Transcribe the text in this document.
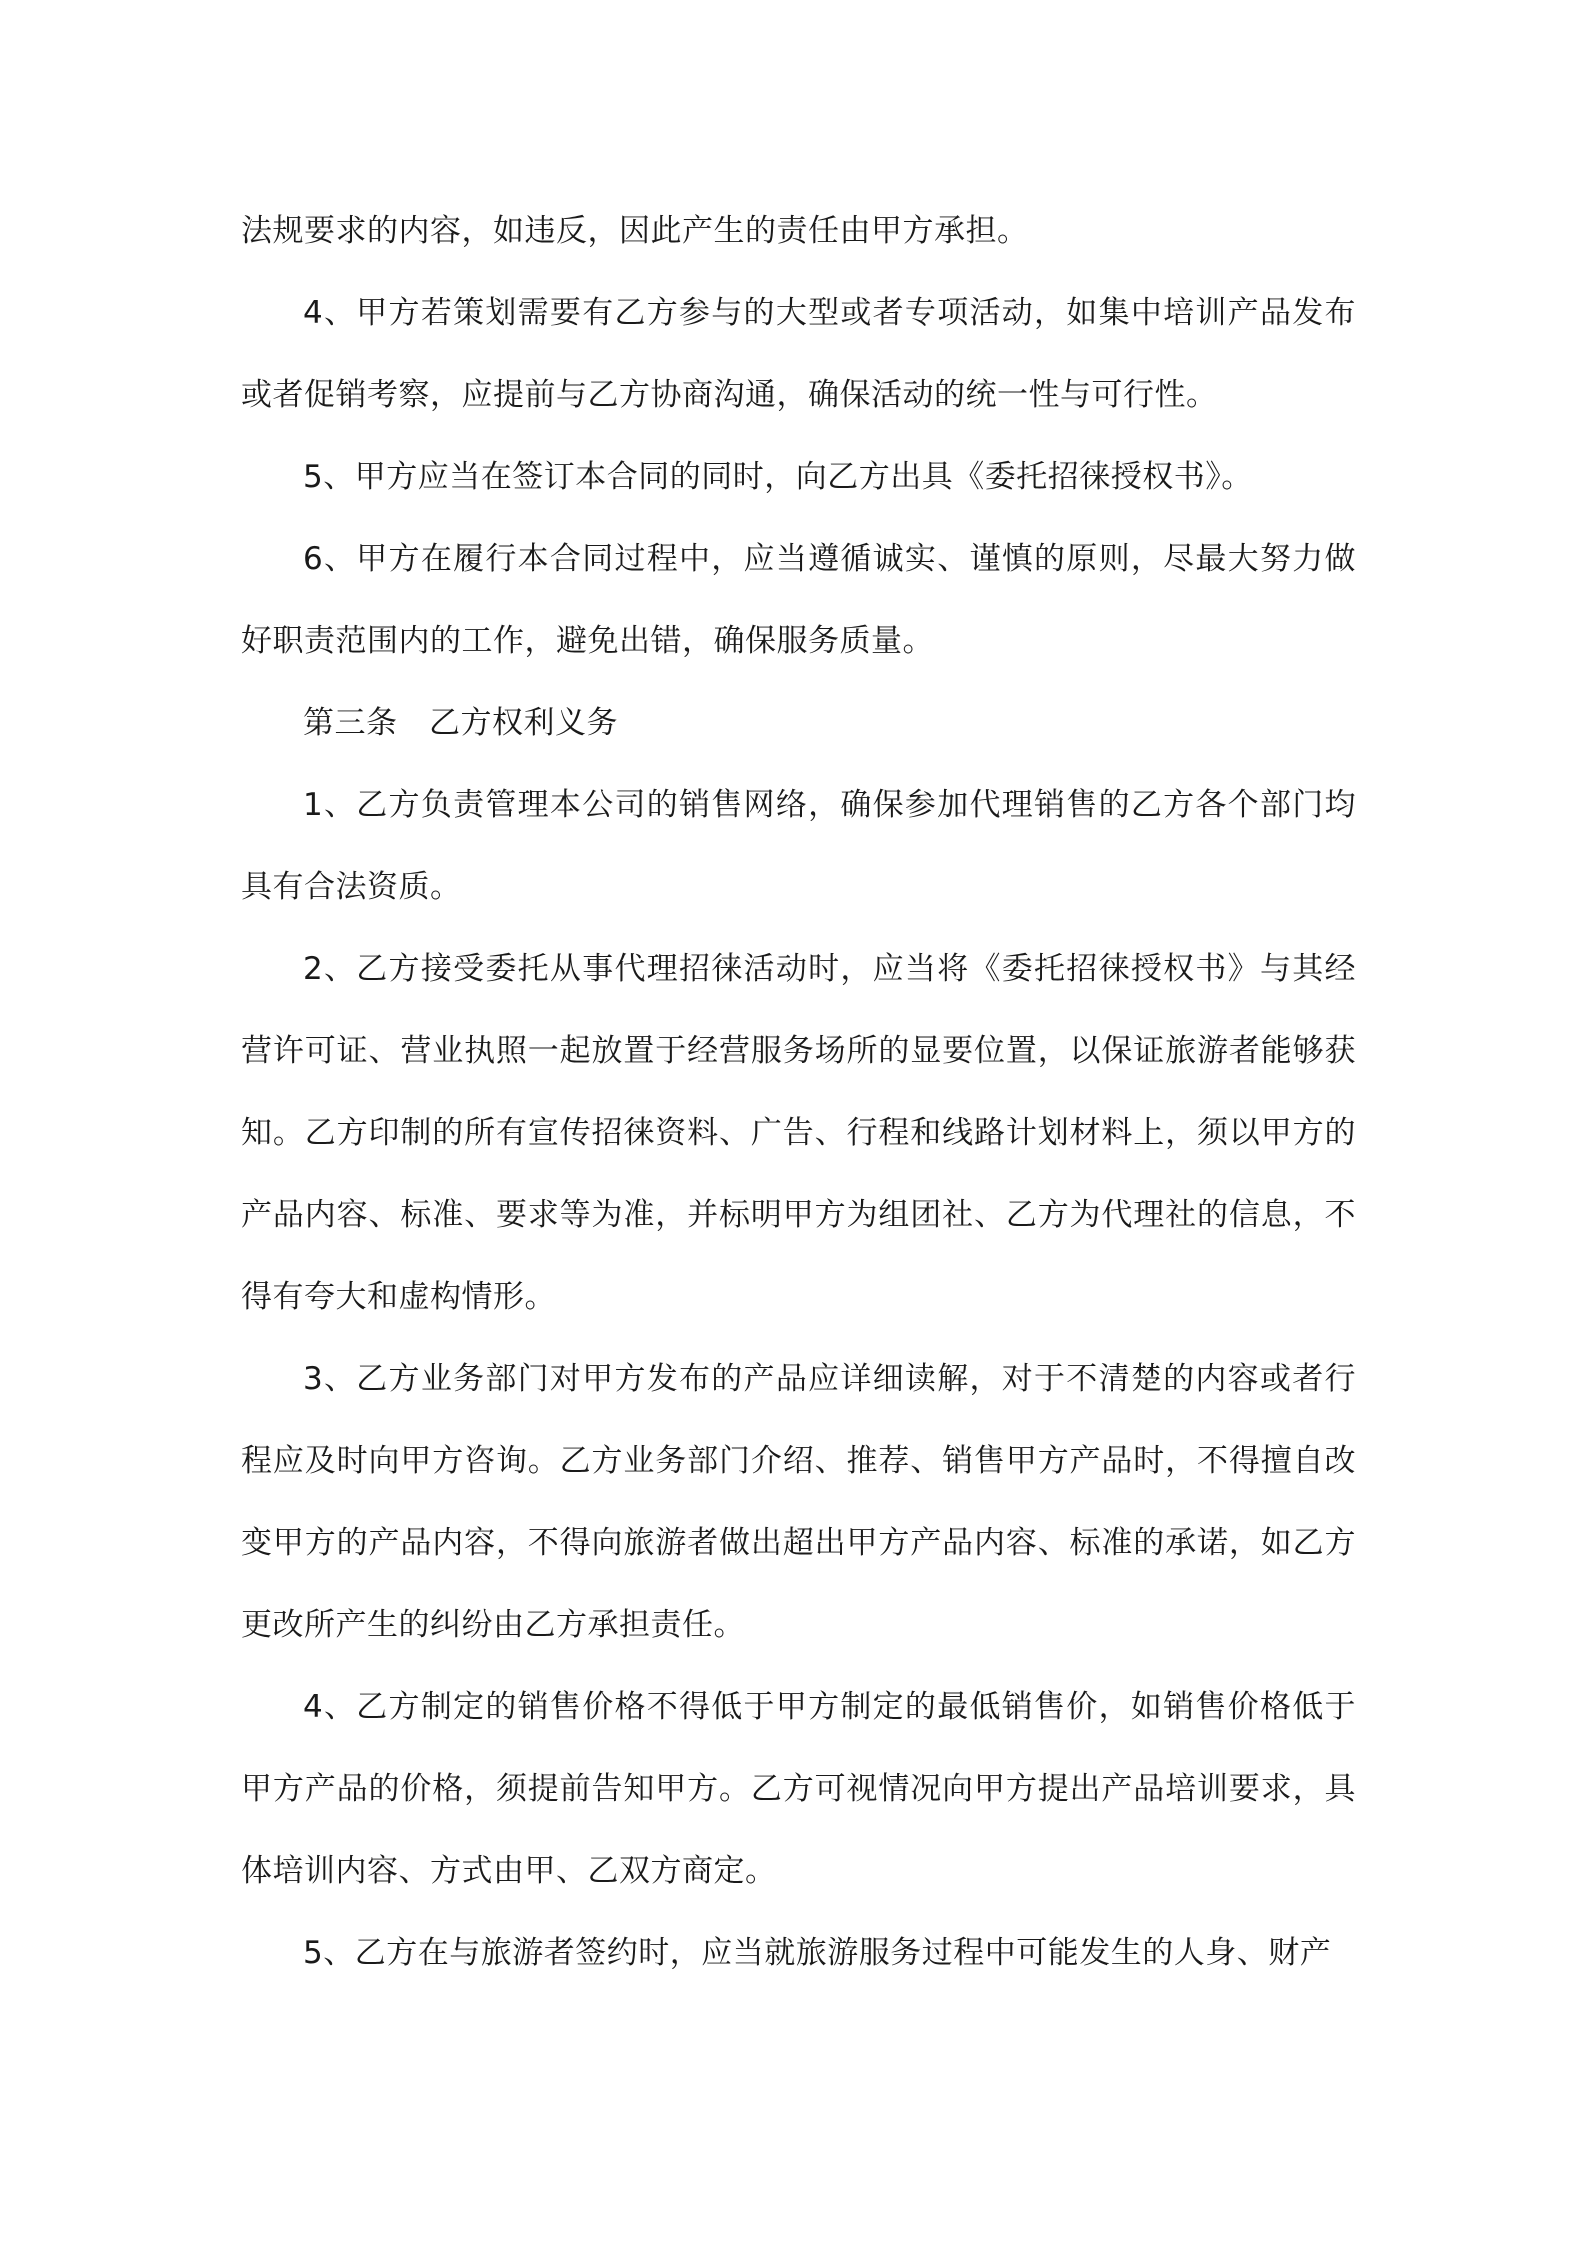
法规要求的内容，如违反，因此产生的责任由甲方承担。

4、甲方若策划需要有乙方参与的大型或者专项活动，如集中培训产品发布或者促销考察，应提前与乙方协商沟通，确保活动的统一性与可行性。

5、甲方应当在签订本合同的同时，向乙方出具《委托招徕授权书》。

6、甲方在履行本合同过程中，应当遵循诚实、谨慎的原则，尽最大努力做好职责范围内的工作，避免出错，确保服务质量。

第三条　乙方权利义务

1、乙方负责管理本公司的销售网络，确保参加代理销售的乙方各个部门均具有合法资质。

2、乙方接受委托从事代理招徕活动时，应当将《委托招徕授权书》与其经营许可证、营业执照一起放置于经营服务场所的显要位置，以保证旅游者能够获知。乙方印制的所有宣传招徕资料、广告、行程和线路计划材料上，须以甲方的产品内容、标准、要求等为准，并标明甲方为组团社、乙方为代理社的信息，不得有夸大和虚构情形。

3、乙方业务部门对甲方发布的产品应详细读解，对于不清楚的内容或者行程应及时向甲方咨询。乙方业务部门介绍、推荐、销售甲方产品时，不得擅自改变甲方的产品内容，不得向旅游者做出超出甲方产品内容、标准的承诺，如乙方更改所产生的纠纷由乙方承担责任。

4、乙方制定的销售价格不得低于甲方制定的最低销售价，如销售价格低于甲方产品的价格，须提前告知甲方。乙方可视情况向甲方提出产品培训要求，具体培训内容、方式由甲、乙双方商定。

5、乙方在与旅游者签约时，应当就旅游服务过程中可能发生的人身、财产
